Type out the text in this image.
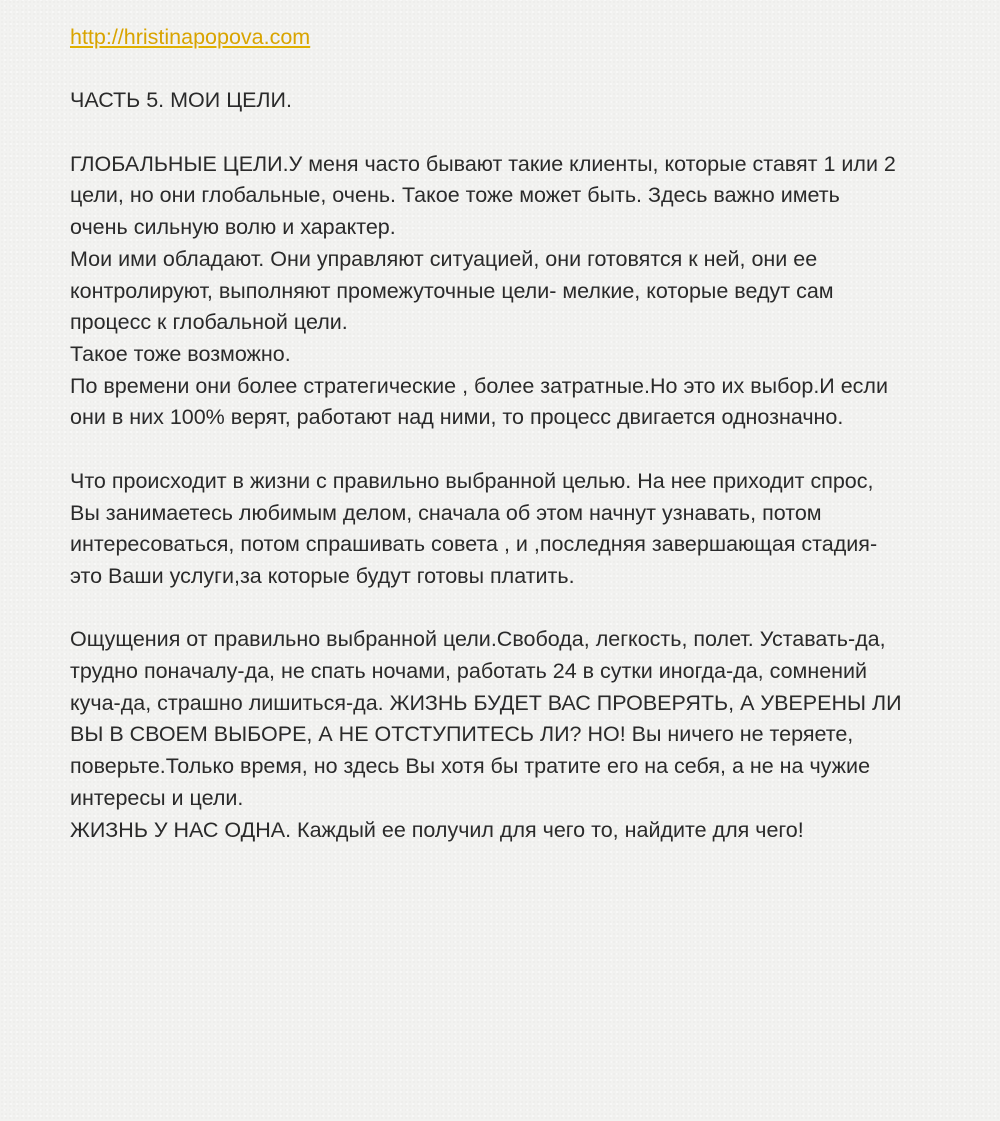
http://hristinapopova.com
ЧАСТЬ 5. МОИ ЦЕЛИ.
ГЛОБАЛЬНЫЕ ЦЕЛИ.У меня часто бывают такие клиенты, которые ставят 1 или 2
цели, но они глобальные, очень. Такое тоже может быть. Здесь важно иметь
очень сильную волю и характер.
Мои ими обладают. Они управляют ситуацией, они готовятся к ней, они ее
контролируют, выполняют промежуточные цели- мелкие, которые ведут сам
процесс к глобальной цели.
Такое тоже возможно.
По времени они более стратегические , более затратные.Но это их выбор.И если
они в них 100% верят, работают над ними, то процесс двигается однозначно.
Что происходит в жизни с правильно выбранной целью. На нее приходит спрос,
Вы занимаетесь любимым делом, сначала об этом начнут узнавать, потом
интересоваться, потом спрашивать совета , и ,последняя завершающая стадия-
это Ваши услуги,за которые будут готовы платить.
Ощущения от правильно выбранной цели.Свобода, легкость, полет. Уставать-да,
трудно поначалу-да, не спать ночами, работать 24 в сутки иногда-да, сомнений
куча-да, страшно лишиться-да. ЖИЗНЬ БУДЕТ ВАС ПРОВЕРЯТЬ, А УВЕРЕНЫ ЛИ
ВЫ В СВОЕМ ВЫБОРЕ, А НЕ ОТСТУПИТЕСЬ ЛИ? НО! Вы ничего не теряете,
поверьте.Только время, но здесь Вы хотя бы тратите его на себя, а не на чужие
интересы и цели.
ЖИЗНЬ У НАС ОДНА. Каждый ее получил для чего то, найдите для чего!
